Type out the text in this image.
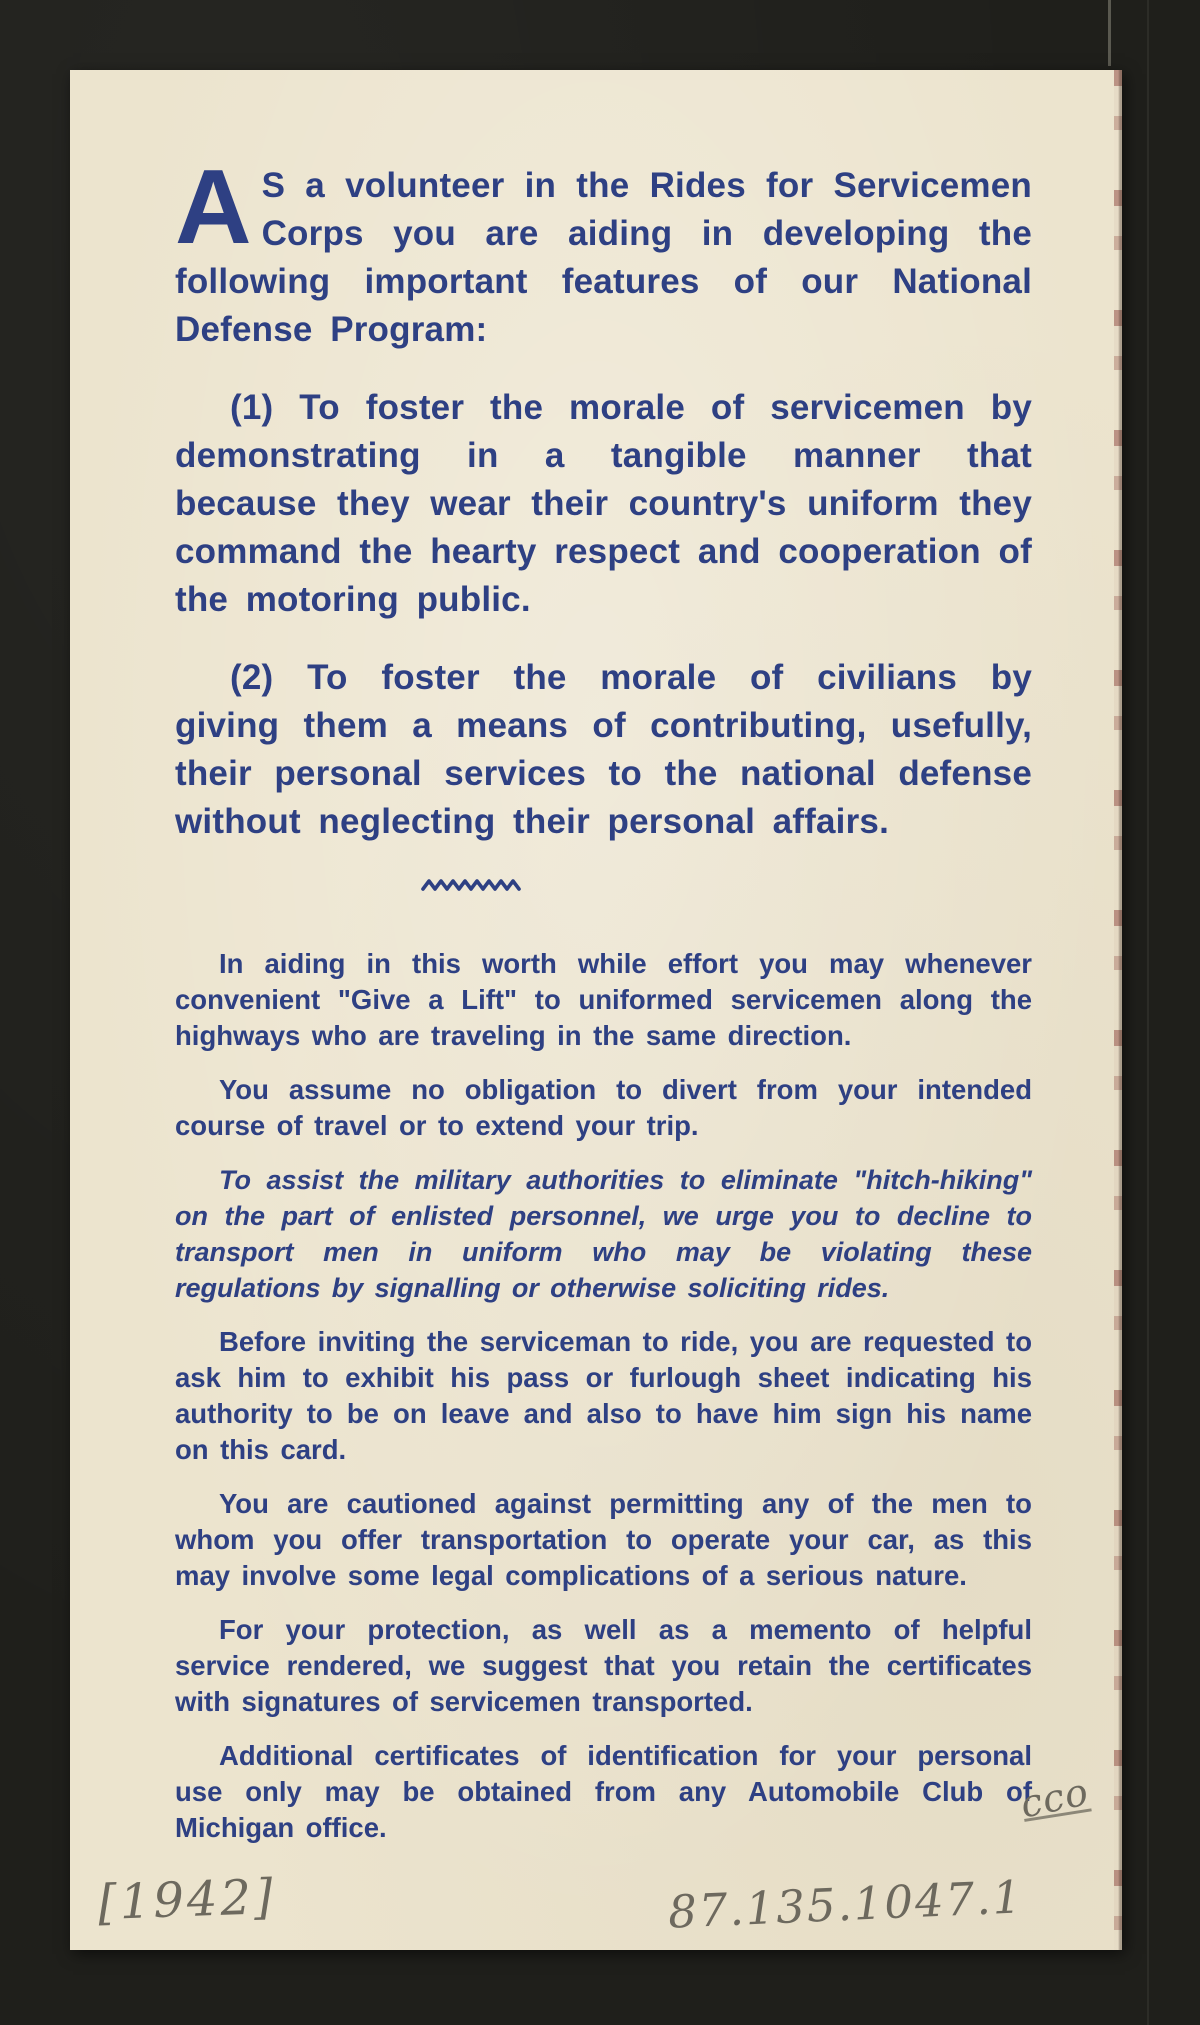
A S a volunteer in the Rides for Servicemen Corps you are aiding in developing the following important features of our National Defense Program:

(1) To foster the morale of servicemen by demonstrating in a tangible manner that because they wear their country's uniform they command the hearty respect and cooperation of the motoring public.

(2) To foster the morale of civilians by giving them a means of contributing, usefully, their personal services to the national defense without neglecting their personal affairs.

In aiding in this worth while effort you may whenever convenient "Give a Lift" to uniformed servicemen along the highways who are traveling in the same direction.

You assume no obligation to divert from your intended course of travel or to extend your trip.

To assist the military authorities to eliminate "hitch-hiking" on the part of enlisted personnel, we urge you to decline to transport men in uniform who may be violating these regulations by signalling or otherwise soliciting rides.

Before inviting the serviceman to ride, you are requested to ask him to exhibit his pass or furlough sheet indicating his authority to be on leave and also to have him sign his name on this card.

You are cautioned against permitting any of the men to whom you offer transportation to operate your car, as this may involve some legal complications of a serious nature.

For your protection, as well as a memento of helpful service rendered, we suggest that you retain the certificates with signatures of servicemen transported.

Additional certificates of identification for your personal use only may be obtained from any Automobile Club of Michigan office.

cco
[1942]	87.135.1047.1
